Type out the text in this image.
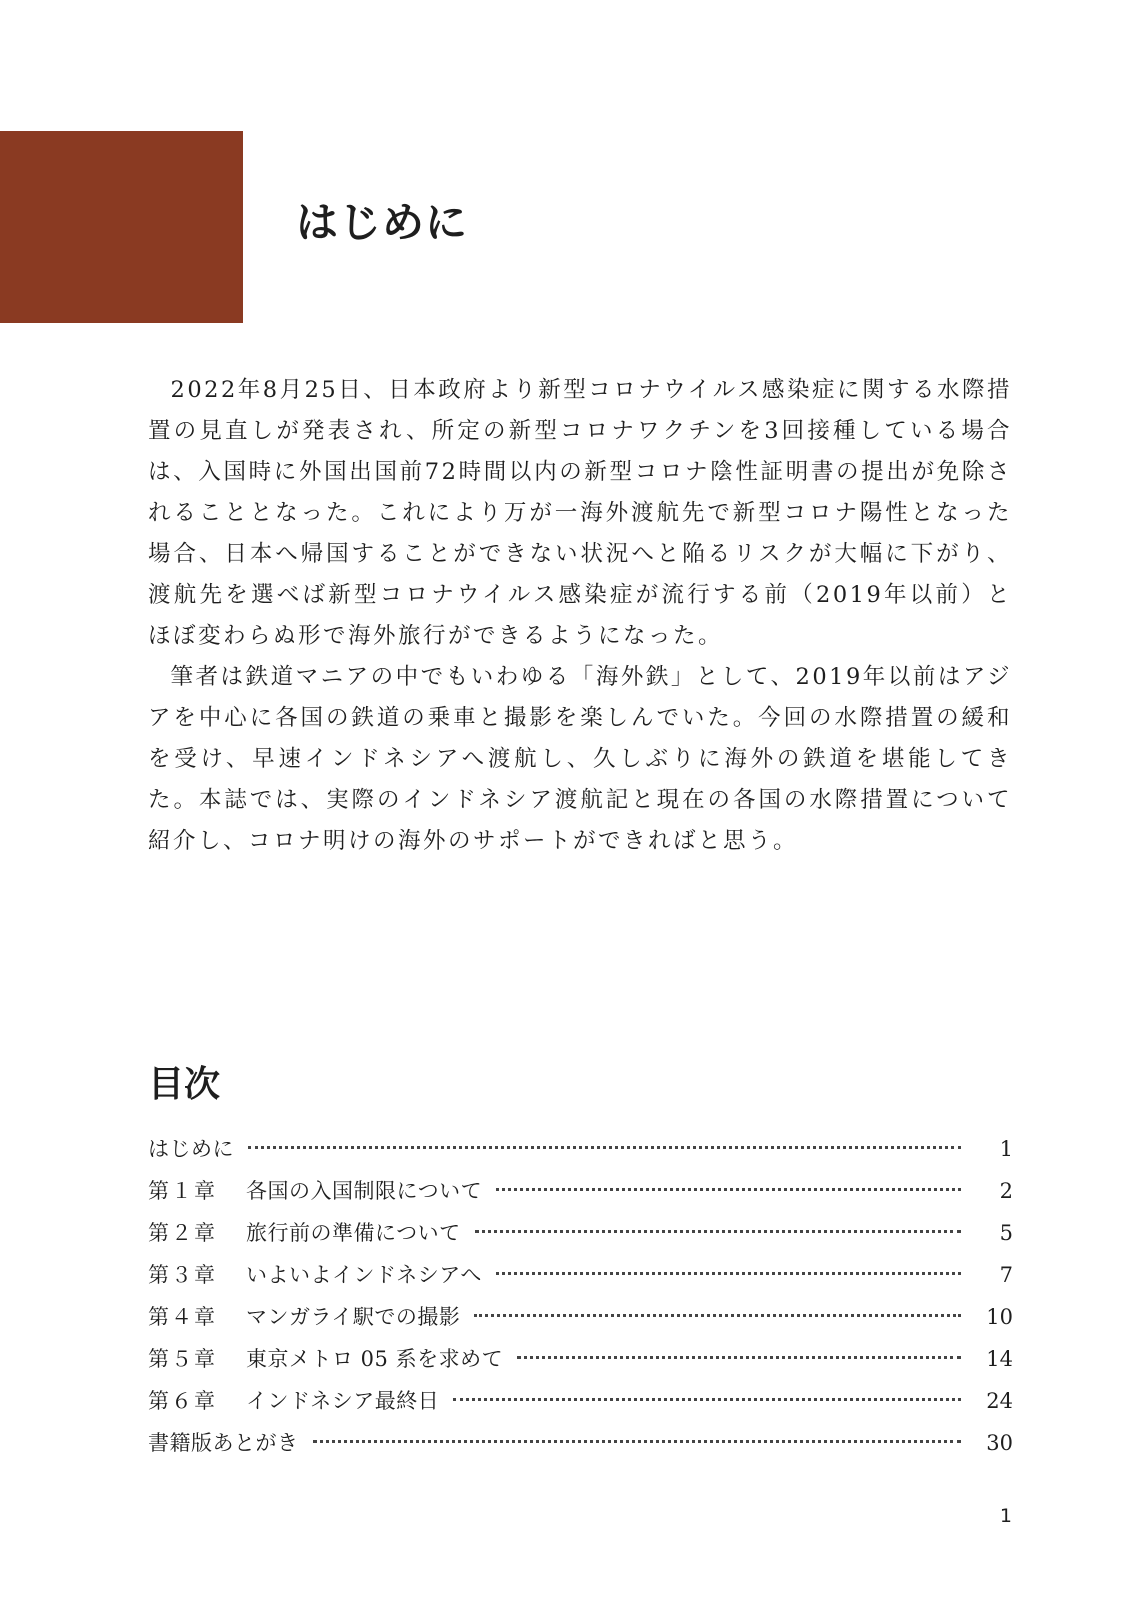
はじめに

2022年8月25日、日本政府より新型コロナウイルス感染症に関する水際措置の見直しが発表され、所定の新型コロナワクチンを3回接種している場合は、入国時に外国出国前72時間以内の新型コロナ陰性証明書の提出が免除されることとなった。これにより万が一海外渡航先で新型コロナ陽性となった場合、日本へ帰国することができない状況へと陥るリスクが大幅に下がり、渡航先を選べば新型コロナウイルス感染症が流行する前（2019年以前）とほぼ変わらぬ形で海外旅行ができるようになった。

筆者は鉄道マニアの中でもいわゆる「海外鉄」として、2019年以前はアジアを中心に各国の鉄道の乗車と撮影を楽しんでいた。今回の水際措置の緩和を受け、早速インドネシアへ渡航し、久しぶりに海外の鉄道を堪能してきた。本誌では、実際のインドネシア渡航記と現在の各国の水際措置について紹介し、コロナ明けの海外のサポートができればと思う。

目次
はじめに	1
第１章	各国の入国制限について	2
第２章	旅行前の準備について	5
第３章	いよいよインドネシアへ	7
第４章	マンガライ駅での撮影	10
第５章	東京メトロ 05 系を求めて	14
第６章	インドネシア最終日	24
書籍版あとがき	30
1
